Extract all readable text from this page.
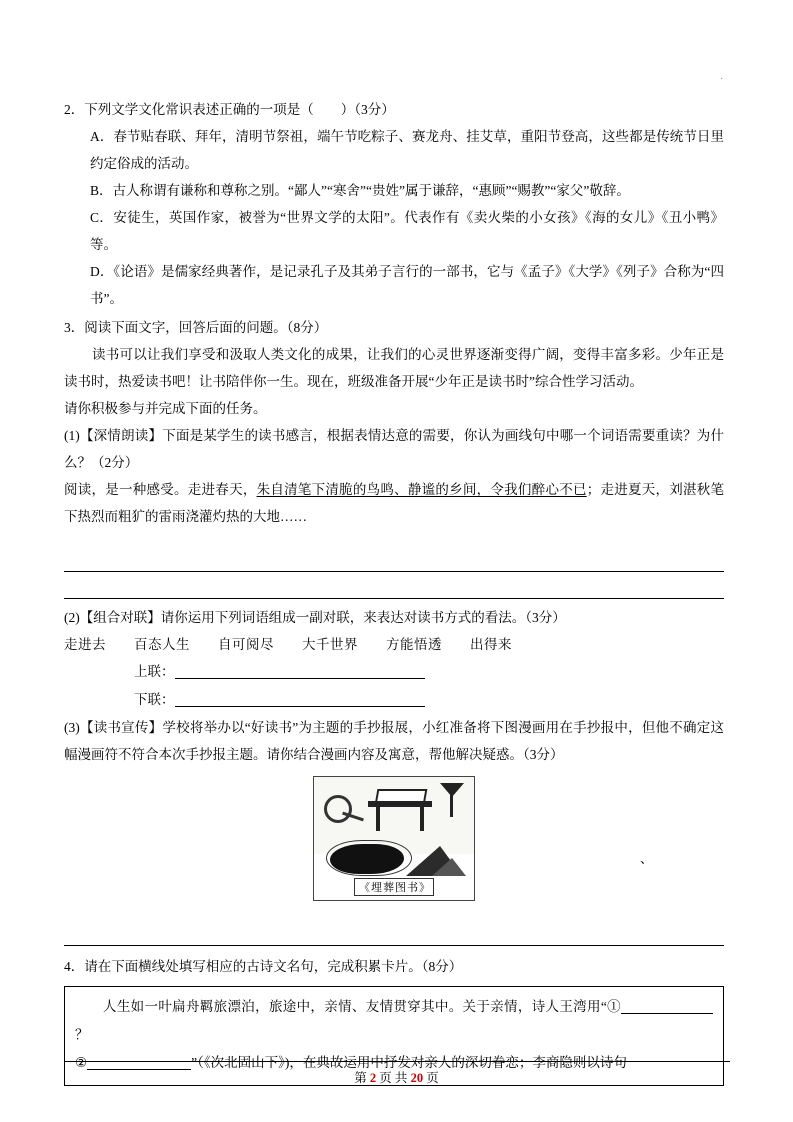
.
2．下列文学文化常识表述正确的一项是（　　）（3分）
A．春节贴春联、拜年，清明节祭祖，端午节吃粽子、赛龙舟、挂艾草，重阳节登高，这些都是传统节日里约定俗成的活动。
B．古人称谓有谦称和尊称之别。“鄙人”“寒舍”“贵姓”属于谦辞，“惠顾”“赐教”“家父”敬辞。
C．安徒生，英国作家，被誉为“世界文学的太阳”。代表作有《卖火柴的小女孩》《海的女儿》《丑小鸭》等。
D．《论语》是儒家经典著作，是记录孔子及其弟子言行的一部书，它与《孟子》《大学》《列子》合称为“四书”。
3．阅读下面文字，回答后面的问题。（8分）
读书可以让我们享受和汲取人类文化的成果，让我们的心灵世界逐渐变得广阔，变得丰富多彩。少年正是读书时，热爱读书吧！让书陪伴你一生。现在，班级准备开展“少年正是读书时”综合性学习活动。
请你积极参与并完成下面的任务。
(1)【深情朗读】下面是某学生的读书感言，根据表情达意的需要，你认为画线句中哪一个词语需要重读？为什么？（2分）
阅读，是一种感受。走进春天，朱自清笔下清脆的鸟鸣、静谧的乡间，令我们醉心不已；走进夏天，刘湛秋笔下热烈而粗犷的雷雨浇灌灼热的大地……
(2)【组合对联】请你运用下列词语组成一副对联，来表达对读书方式的看法。（3分）
走进去 百态人生 自可阅尽 大千世界 方能悟透 出得来
上联：
下联：
(3)【读书宣传】学校将举办以“好读书”为主题的手抄报展，小红准备将下图漫画用在手抄报中，但他不确定这幅漫画符不符合本次手抄报主题。请你结合漫画内容及寓意，帮他解决疑惑。（3分）
《埋葬图书》
、
4．请在下面横线处填写相应的古诗文名句，完成积累卡片。（8分）
人生如一叶扁舟羁旅漂泊，旅途中，亲情、友情贯穿其中。关于亲情，诗人王湾用“①？
②	”（《次北固山下》)，在典故运用中抒发对亲人的深切眷恋；李商隐则以诗句
第 2 页 共 20 页
